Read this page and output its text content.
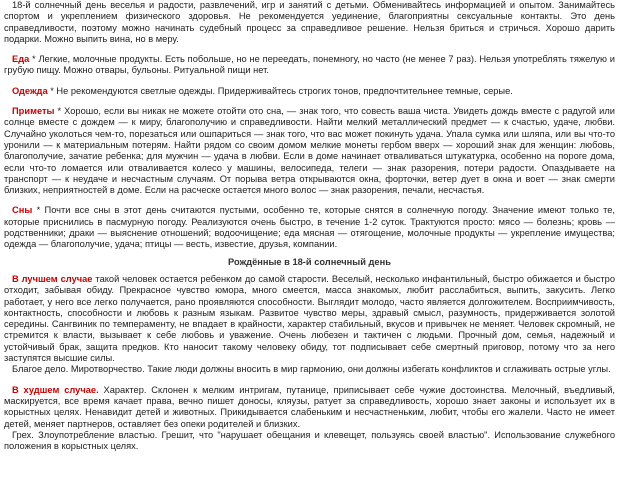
18-й солнечный день веселья и радости, развлечений, игр и занятий с детьми. Обменивайтесь информацией и опытом. Занимайтесь спортом и укреплением физического здоровья. Не рекомендуется уединение, благоприятны сексуальные контакты. Это день справедливости, поэтому можно начинать судебный процесс за справедливое решение. Нельзя бриться и стричься. Хорошо дарить подарки. Можно выпить вина, но в меру.

Еда * Легкие, молочные продукты. Есть побольше, но не переедать, понемногу, но часто (не менее 7 раз). Нельзя употреблять тяжелую и грубую пищу. Можно отвары, бульоны. Ритуальной пищи нет.

Одежда * Не рекомендуются светлые одежды. Придерживайтесь строгих тонов, предпочтительнее темные, серые.

Приметы * Хорошо, если вы никак не можете отойти ото сна, — знак того, что совесть ваша чиста. Увидеть дождь вместе с радугой или солнце вместе с дождем — к миру, благополучию и справедливости. Найти мелкий металлический предмет — к счастью, удаче, любви. Случайно уколоться чем-то, порезаться или ошпариться — знак того, что вас может покинуть удача. Упала сумка или шляпа, или вы что-то уронили — к материальным потерям. Найти рядом со своим домом мелкие монеты гербом вверх — хороший знак для женщин: любовь, благополучие, зачатие ребенка; для мужчин — удача в любви. Если в доме начинает отваливаться штукатурка, особенно на пороге дома, если что-то ломается или отваливается колесо у машины, велосипеда, телеги — знак разорения, потери радости. Опаздываете на транспорт — к неудаче и несчастным случаям. От порыва ветра открываются окна, форточки, ветер дует в окна и воет — знак смерти близких, неприятностей в доме. Если на расческе остается много волос — знак разорения, печали, несчастья.

Сны * Почти все сны в этот день считаются пустыми, особенно те, которые снятся в солнечную погоду. Значение имеют только те, которые приснились в пасмурную погоду. Реализуются очень быстро, в течение 1-2 суток. Трактуются просто: мясо — болезнь; кровь — родственники; драки — выяснение отношений; водоочищение; еда мясная — отягощение, молочные продукты — укрепление имущества; одежда — благополучие, удача; птицы — весть, известие, друзья, компании.

Рождённые в 18-й солнечный день

В лучшем случае такой человек остается ребенком до самой старости. Веселый, несколько инфантильный, быстро обижается и быстро отходит, забывая обиду. Прекрасное чувство юмора, много смеется, масса знакомых, любит расслабиться, выпить, закусить. Легко работает, у него все легко получается, рано проявляются способности. Выглядит молодо, часто является долгожителем. Восприимчивость, контактность, способности и любовь к разным языкам. Развитое чувство меры, здравый смысл, разумность, придерживается золотой середины. Сангвиник по темпераменту, не впадает в крайности, характер стабильный, вкусов и привычек не меняет. Человек скромный, не стремится к власти, вызывает к себе любовь и уважение. Очень любезен и тактичен с людьми. Прочный дом, семья, надежный и устойчивый брак, защита предков. Кто наносит такому человеку обиду, тот подписывает себе смертный приговор, потому что за него заступятся высшие силы.

Благое дело. Миротворчество. Такие люди должны вносить в мир гармонию, они должны избегать конфликтов и сглаживать острые углы.

В худшем случае. Характер. Склонен к мелким интригам, путанице, приписывает себе чужие достоинства. Мелочный, въедливый, маскируется, все время качает права, вечно пишет доносы, кляузы, ратует за справедливость, хорошо знает законы и использует их в корыстных целях. Ненавидит детей и животных. Прикидывается слабеньким и несчастненьким, любит, чтобы его жалели. Часто не имеет детей, меняет партнеров, оставляет без опеки родителей и близких.

Грех. Злоупотребление властью. Грешит, что "нарушает обещания и клевещет, пользуясь своей властью". Использование служебного положения в корыстных целях.
